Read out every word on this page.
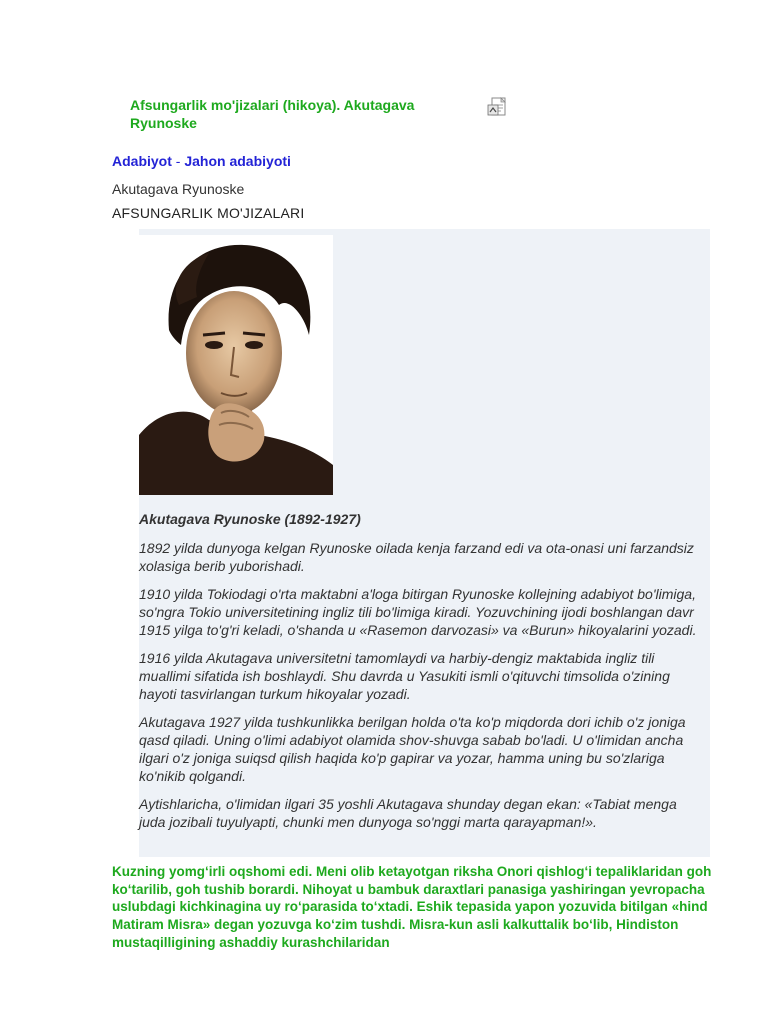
Afsungarlik mo'jizalari (hikoya). Akutagava Ryunoske
Adabiyot - Jahon adabiyoti
Akutagava Ryunoske
AFSUNGARLIK MO'JIZALARI

Akutagava Ryunoske (1892-1927)

1892 yilda dunyoga kelgan Ryunoske oilada kenja farzand edi va ota-onasi uni farzandsiz xolasiga berib yuborishadi.

1910 yilda Tokiodagi o'rta maktabni a'loga bitirgan Ryunoske kollejning adabiyot bo'limiga, so'ngra Tokio universitetining ingliz tili bo'limiga kiradi. Yozuvchining ijodi boshlangan davr 1915 yilga to'g'ri keladi, o'shanda u «Rasemon darvozasi» va «Burun» hikoyalarini yozadi.

1916 yilda Akutagava universitetni tamomlaydi va harbiy-dengiz maktabida ingliz tili muallimi sifatida ish boshlaydi. Shu davrda u Yasukiti ismli o'qituvchi timsolida o'zining hayoti tasvirlangan turkum hikoyalar yozadi.

Akutagava 1927 yilda tushkunlikka berilgan holda o'ta ko'p miqdorda dori ichib o'z joniga qasd qiladi. Uning o'limi adabiyot olamida shov-shuvga sabab bo'ladi. U o'limidan ancha ilgari o'z joniga suiqsd qilish haqida ko'p gapirar va yozar, hamma uning bu so'zlariga ko'nikib qolgandi.

Aytishlaricha, o'limidan ilgari 35 yoshli Akutagava shunday degan ekan: «Tabiat menga juda jozibali tuyulyapti, chunki men dunyoga so'nggi marta qarayapman!».

Kuzning yomg‘irli oqshomi edi. Meni olib ketayotgan riksha Onori qishlog‘i tepaliklaridan goh ko‘tarilib, goh tushib borardi. Nihoyat u bambuk daraxtlari panasiga yashiringan yevropacha uslubdagi kichkinagina uy ro‘parasida to‘xtadi. Eshik tepasida yapon yozuvida bitilgan «hind Matiram Misra» degan yozuvga ko‘zim tushdi. Misra-kun asli kalkuttalik bo‘lib, Hindiston mustaqilligining ashaddiy kurashchilaridan
